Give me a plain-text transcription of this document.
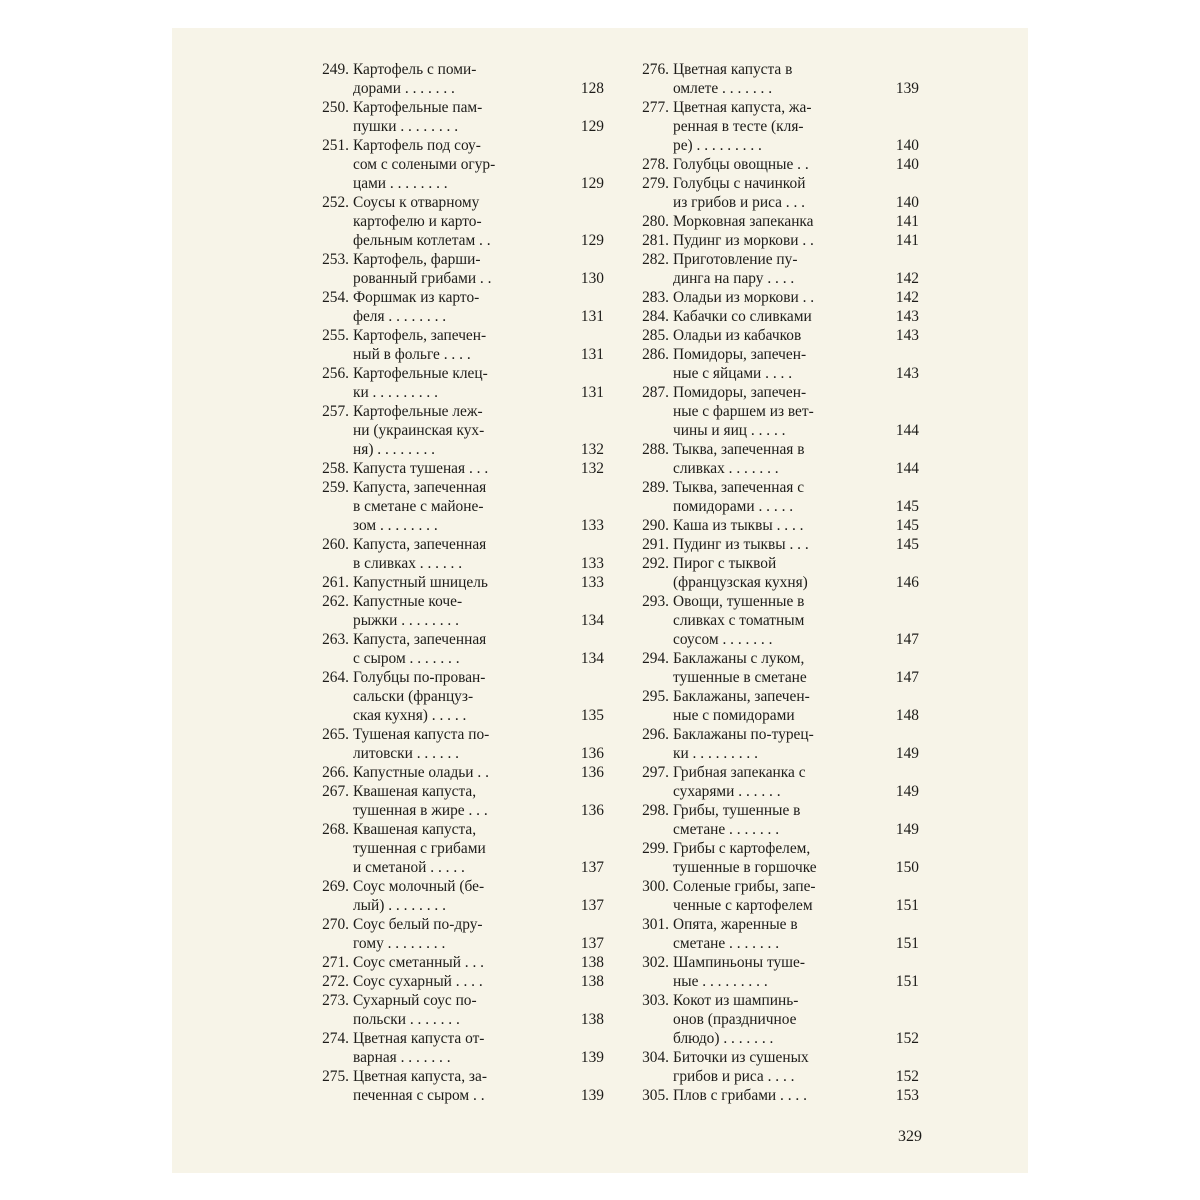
249. Картофель с поми-
дорами . . . . . . .	128
250. Картофельные пам-
пушки . . . . . . . .	129
251. Картофель под соу-
сом с солеными огур-
цами . . . . . . . .	129
252. Соусы к отварному
картофелю и карто-
фельным котлетам . .	129
253. Картофель, фарши-
рованный грибами . .	130
254. Форшмак из карто-
феля . . . . . . . .	131
255. Картофель, запечен-
ный в фольге . . . .	131
256. Картофельные клец-
ки . . . . . . . . .	131
257. Картофельные леж-
ни (украинская кух-
ня) . . . . . . . .	132
258. Капуста тушеная . . .	132
259. Капуста, запеченная
в сметане с майоне-
зом . . . . . . . .	133
260. Капуста, запеченная
в сливках . . . . . .	133
261. Капустный шницель	133
262. Капустные коче-
рыжки . . . . . . . .	134
263. Капуста, запеченная
с сыром . . . . . . .	134
264. Голубцы по-прован-
сальски (француз-
ская кухня) . . . . .	135
265. Тушеная капуста по-
литовски . . . . . .	136
266. Капустные оладьи . .	136
267. Квашеная капуста,
тушенная в жире . . .	136
268. Квашеная капуста,
тушенная с грибами
и сметаной . . . . .	137
269. Соус молочный (бе-
лый) . . . . . . . .	137
270. Соус белый по-дру-
гому . . . . . . . .	137
271. Соус сметанный . . .	138
272. Соус сухарный . . . .	138
273. Сухарный соус по-
польски . . . . . . .	138
274. Цветная капуста от-
варная . . . . . . .	139
275. Цветная капуста, за-
печенная с сыром . .	139
276. Цветная капуста в
омлете . . . . . . .	139
277. Цветная капуста, жа-
ренная в тесте (кля-
ре) . . . . . . . . .	140
278. Голубцы овощные . .	140
279. Голубцы с начинкой
из грибов и риса . . .	140
280. Морковная запеканка	141
281. Пудинг из моркови . .	141
282. Приготовление пу-
динга на пару . . . .	142
283. Оладьи из моркови . .	142
284. Кабачки со сливками	143
285. Оладьи из кабачков	143
286. Помидоры, запечен-
ные с яйцами . . . .	143
287. Помидоры, запечен-
ные с фаршем из вет-
чины и яиц . . . . .	144
288. Тыква, запеченная в
сливках . . . . . . .	144
289. Тыква, запеченная с
помидорами . . . . .	145
290. Каша из тыквы . . . .	145
291. Пудинг из тыквы . . .	145
292. Пирог с тыквой
(французская кухня)	146
293. Овощи, тушенные в
сливках с томатным
соусом . . . . . . .	147
294. Баклажаны с луком,
тушенные в сметане	147
295. Баклажаны, запечен-
ные с помидорами	148
296. Баклажаны по-турец-
ки . . . . . . . . .	149
297. Грибная запеканка с
сухарями . . . . . .	149
298. Грибы, тушенные в
сметане . . . . . . .	149
299. Грибы с картофелем,
тушенные в горшочке	150
300. Соленые грибы, запе-
ченные с картофелем	151
301. Опята, жаренные в
сметане . . . . . . .	151
302. Шампиньоны туше-
ные . . . . . . . . .	151
303. Кокот из шампинь-
онов (праздничное
блюдо) . . . . . . .	152
304. Биточки из сушеных
грибов и риса . . . .	152
305. Плов с грибами . . . .	153
329
